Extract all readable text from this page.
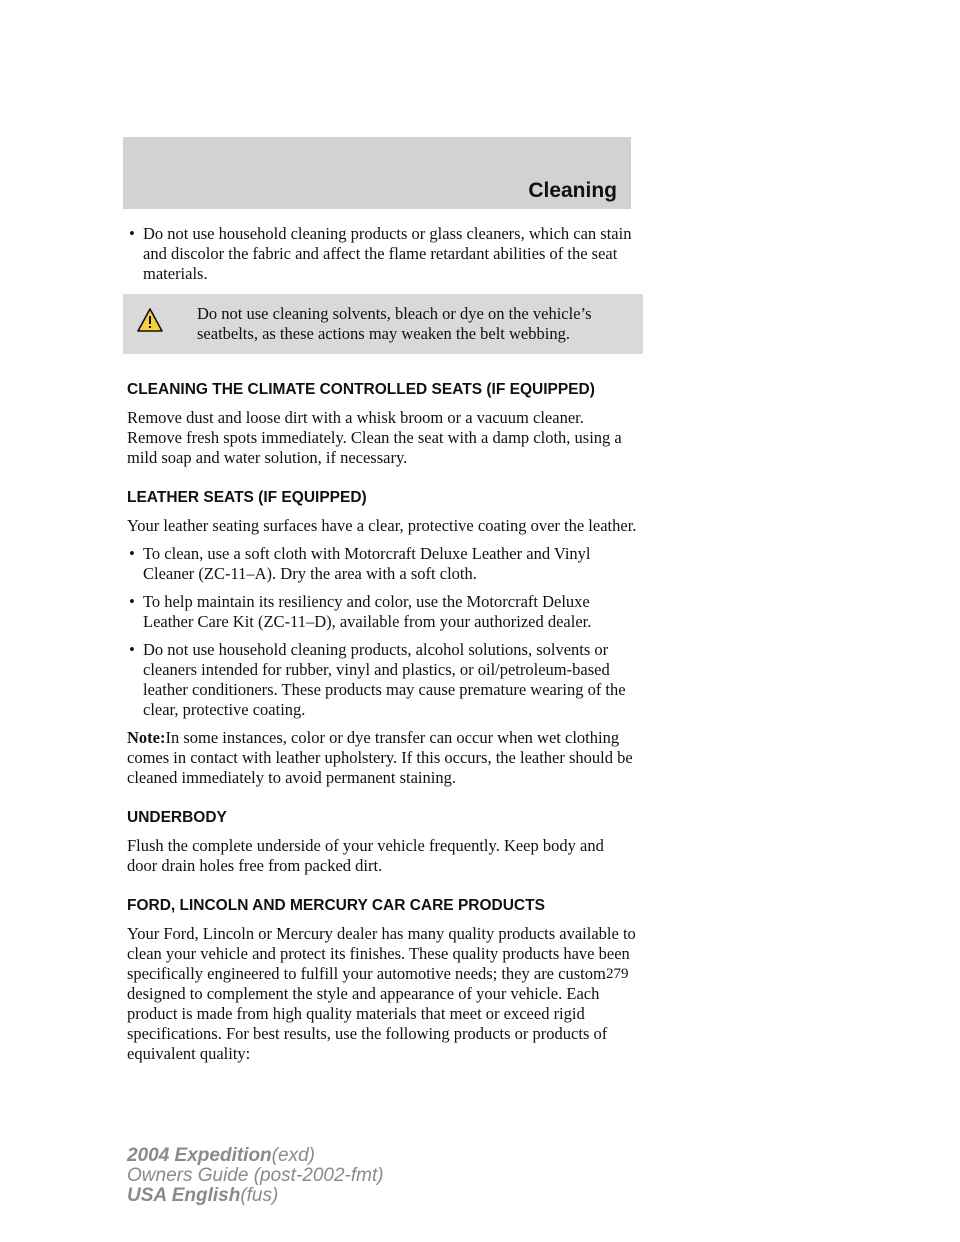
Cleaning
• Do not use household cleaning products or glass cleaners, which can stain and discolor the fabric and affect the flame retardant abilities of the seat materials.
Do not use cleaning solvents, bleach or dye on the vehicle’s seatbelts, as these actions may weaken the belt webbing.
CLEANING THE CLIMATE CONTROLLED SEATS (IF EQUIPPED)
Remove dust and loose dirt with a whisk broom or a vacuum cleaner. Remove fresh spots immediately. Clean the seat with a damp cloth, using a mild soap and water solution, if necessary.
LEATHER SEATS (IF EQUIPPED)
Your leather seating surfaces have a clear, protective coating over the leather.
• To clean, use a soft cloth with Motorcraft Deluxe Leather and Vinyl Cleaner (ZC-11–A). Dry the area with a soft cloth.
• To help maintain its resiliency and color, use the Motorcraft Deluxe Leather Care Kit (ZC-11–D), available from your authorized dealer.
• Do not use household cleaning products, alcohol solutions, solvents or cleaners intended for rubber, vinyl and plastics, or oil/petroleum-based leather conditioners. These products may cause premature wearing of the clear, protective coating.
Note:In some instances, color or dye transfer can occur when wet clothing comes in contact with leather upholstery. If this occurs, the leather should be cleaned immediately to avoid permanent staining.
UNDERBODY
Flush the complete underside of your vehicle frequently. Keep body and door drain holes free from packed dirt.
FORD, LINCOLN AND MERCURY CAR CARE PRODUCTS
Your Ford, Lincoln or Mercury dealer has many quality products available to clean your vehicle and protect its finishes. These quality products have been specifically engineered to fulfill your automotive needs; they are custom designed to complement the style and appearance of your vehicle. Each product is made from high quality materials that meet or exceed rigid specifications. For best results, use the following products or products of equivalent quality:
279
2004 Expedition(exd)
Owners Guide (post-2002-fmt)
USA English(fus)
